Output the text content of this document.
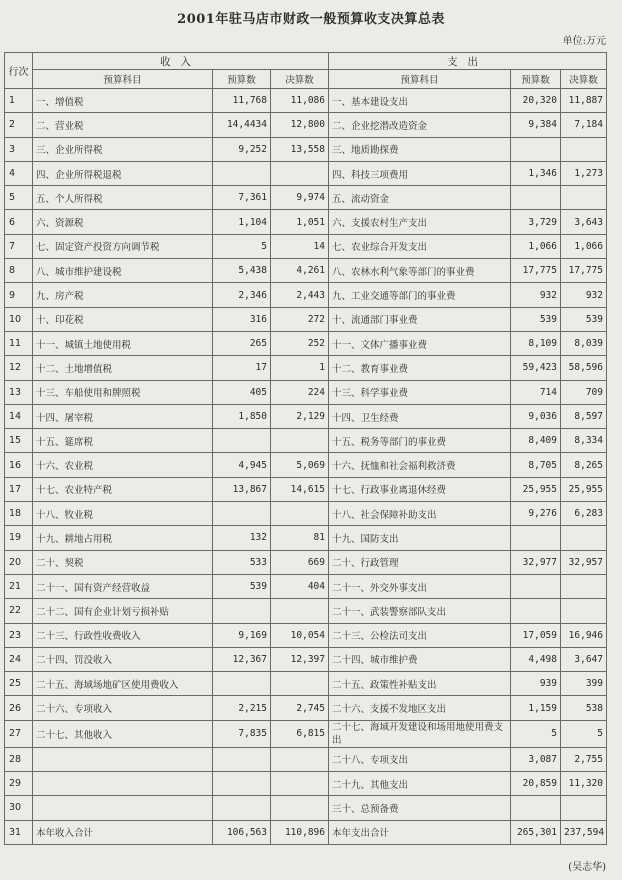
2001年驻马店市财政一般预算收支决算总表
单位:万元
行次	收入			支出		
	预算科目	预算数	决算数	预算科目	预算数	决算数
1	一、增值税	11,768	11,086	一、基本建设支出	20,320	11,887
2	二、营业税	14,4434	12,800	二、企业挖潜改造资金	9,384	7,184
3	三、企业所得税	9,252	13,558	三、地质勘探费		
4	四、企业所得税退税			四、科技三项费用	1,346	1,273
5	五、个人所得税	7,361	9,974	五、流动资金		
6	六、资源税	1,104	1,051	六、支援农村生产支出	3,729	3,643
7	七、固定资产投资方向调节税	5	14	七、农业综合开发支出	1,066	1,066
8	八、城市维护建设税	5,438	4,261	八、农林水利气象等部门的事业费	17,775	17,775
9	九、房产税	2,346	2,443	九、工业交通等部门的事业费	932	932
10	十、印花税	316	272	十、流通部门事业费	539	539
11	十一、城镇土地使用税	265	252	十一、文体广播事业费	8,109	8,039
12	十二、土地增值税	17	1	十二、教育事业费	59,423	58,596
13	十三、车船使用和牌照税	405	224	十三、科学事业费	714	709
14	十四、屠宰税	1,850	2,129	十四、卫生经费	9,036	8,597
15	十五、筵席税			十五、税务等部门的事业费	8,409	8,334
16	十六、农业税	4,945	5,069	十六、抚恤和社会福利救济费	8,705	8,265
17	十七、农业特产税	13,867	14,615	十七、行政事业离退休经费	25,955	25,955
18	十八、牧业税			十八、社会保障补助支出	9,276	6,283
19	十九、耕地占用税	132	81	十九、国防支出		
20	二十、契税	533	669	二十、行政管理	32,977	32,957
21	二十一、国有资产经营收益	539	404	二十一、外交外事支出		
22	二十二、国有企业计划亏损补贴			二十一、武装警察部队支出		
23	二十三、行政性收费收入	9,169	10,054	二十三、公检法司支出	17,059	16,946
24	二十四、罚没收入	12,367	12,397	二十四、城市维护费	4,498	3,647
25	二十五、海域场地矿区使用费收入			二十五、政策性补贴支出	939	399
26	二十六、专项收入	2,215	2,745	二十六、支援不发地区支出	1,159	538
27	二十七、其他收入	7,835	6,815	二十七、海域开发建设和场用地使用费支出	5	5
28				二十八、专项支出	3,087	2,755
29				二十九、其他支出	20,859	11,320
30				三十、总预备费		
31	本年收入合计	106,563	110,896	本年支出合计	265,301	237,594
(吴志华)
